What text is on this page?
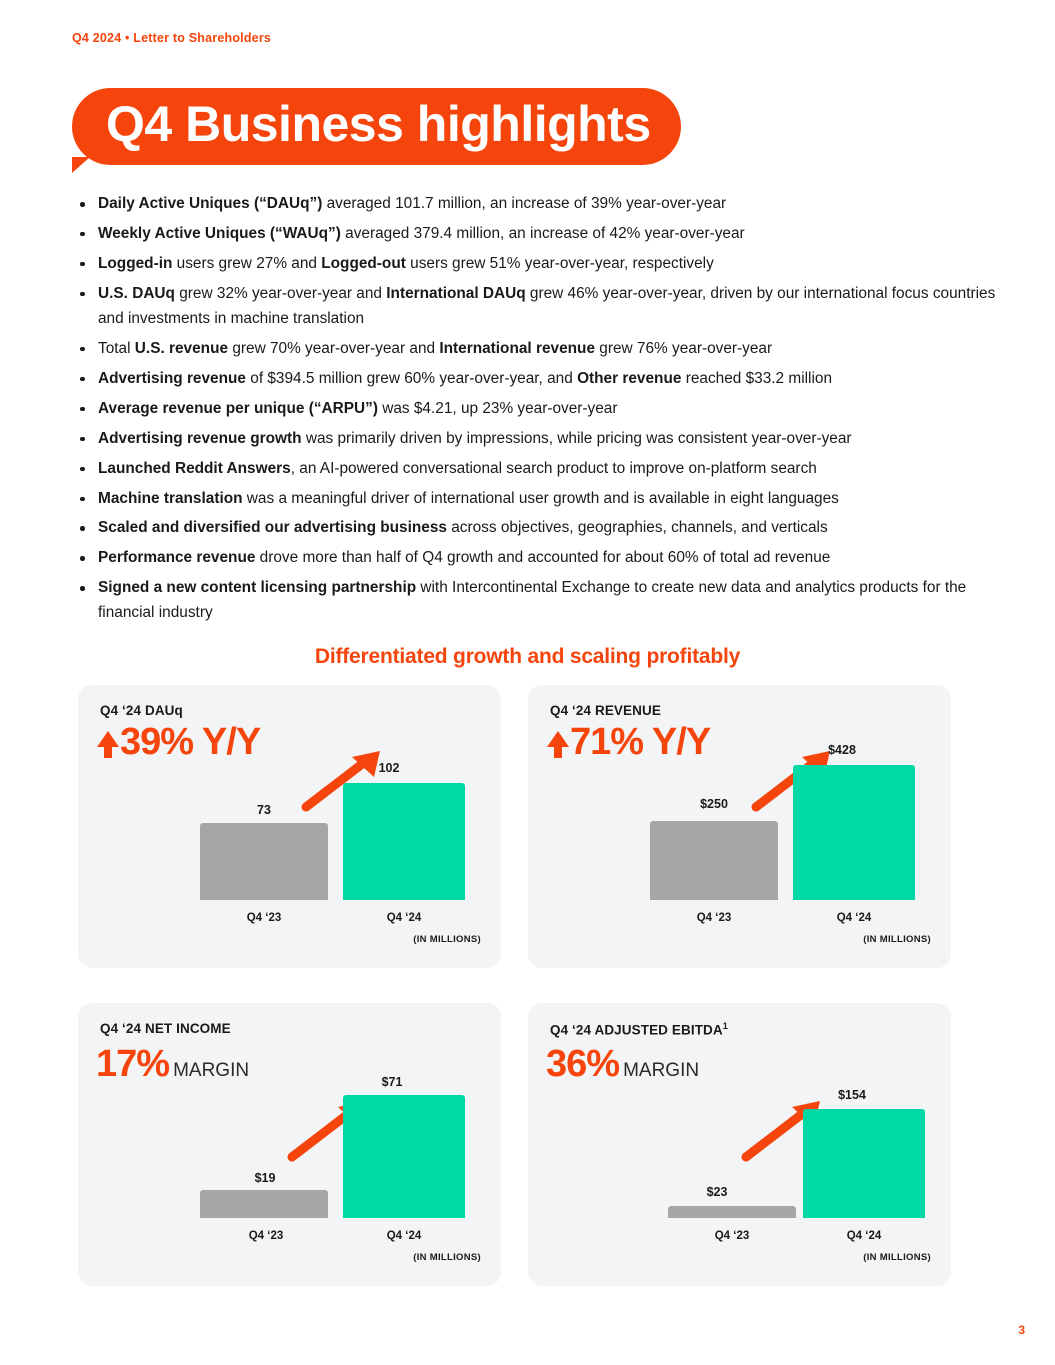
Q4 2024 • Letter to Shareholders
Q4 Business highlights
Daily Active Uniques (“DAUq”) averaged 101.7 million, an increase of 39% year-over-year
Weekly Active Uniques (“WAUq”) averaged 379.4 million, an increase of 42% year-over-year
Logged-in users grew 27% and Logged-out users grew 51% year-over-year, respectively
U.S. DAUq grew 32% year-over-year and International DAUq grew 46% year-over-year, driven by our international focus countries and investments in machine translation
Total U.S. revenue grew 70% year-over-year and International revenue grew 76% year-over-year
Advertising revenue of $394.5 million grew 60% year-over-year, and Other revenue reached $33.2 million
Average revenue per unique (“ARPU”) was $4.21, up 23% year-over-year
Advertising revenue growth was primarily driven by impressions, while pricing was consistent year-over-year
Launched Reddit Answers, an AI-powered conversational search product to improve on-platform search
Machine translation was a meaningful driver of international user growth and is available in eight languages
Scaled and diversified our advertising business across objectives, geographies, channels, and verticals
Performance revenue drove more than half of Q4 growth and accounted for about 60% of total ad revenue
Signed a new content licensing partnership with Intercontinental Exchange to create new data and analytics products for the financial industry
Differentiated growth and scaling profitably
Q4 ‘24 DAUq
39% Y/Y
73
102
Q4 ‘23	Q4 ‘24
(IN MILLIONS)
Q4 ‘24 REVENUE
71% Y/Y
$250
$428
Q4 ‘23	Q4 ‘24
(IN MILLIONS)
Q4 ‘24 NET INCOME
17% MARGIN
$19
$71
Q4 ‘23	Q4 ‘24
(IN MILLIONS)
Q4 ‘24 ADJUSTED EBITDA$^1$
36% MARGIN
$23
$154
Q4 ‘23	Q4 ‘24
(IN MILLIONS)
3
